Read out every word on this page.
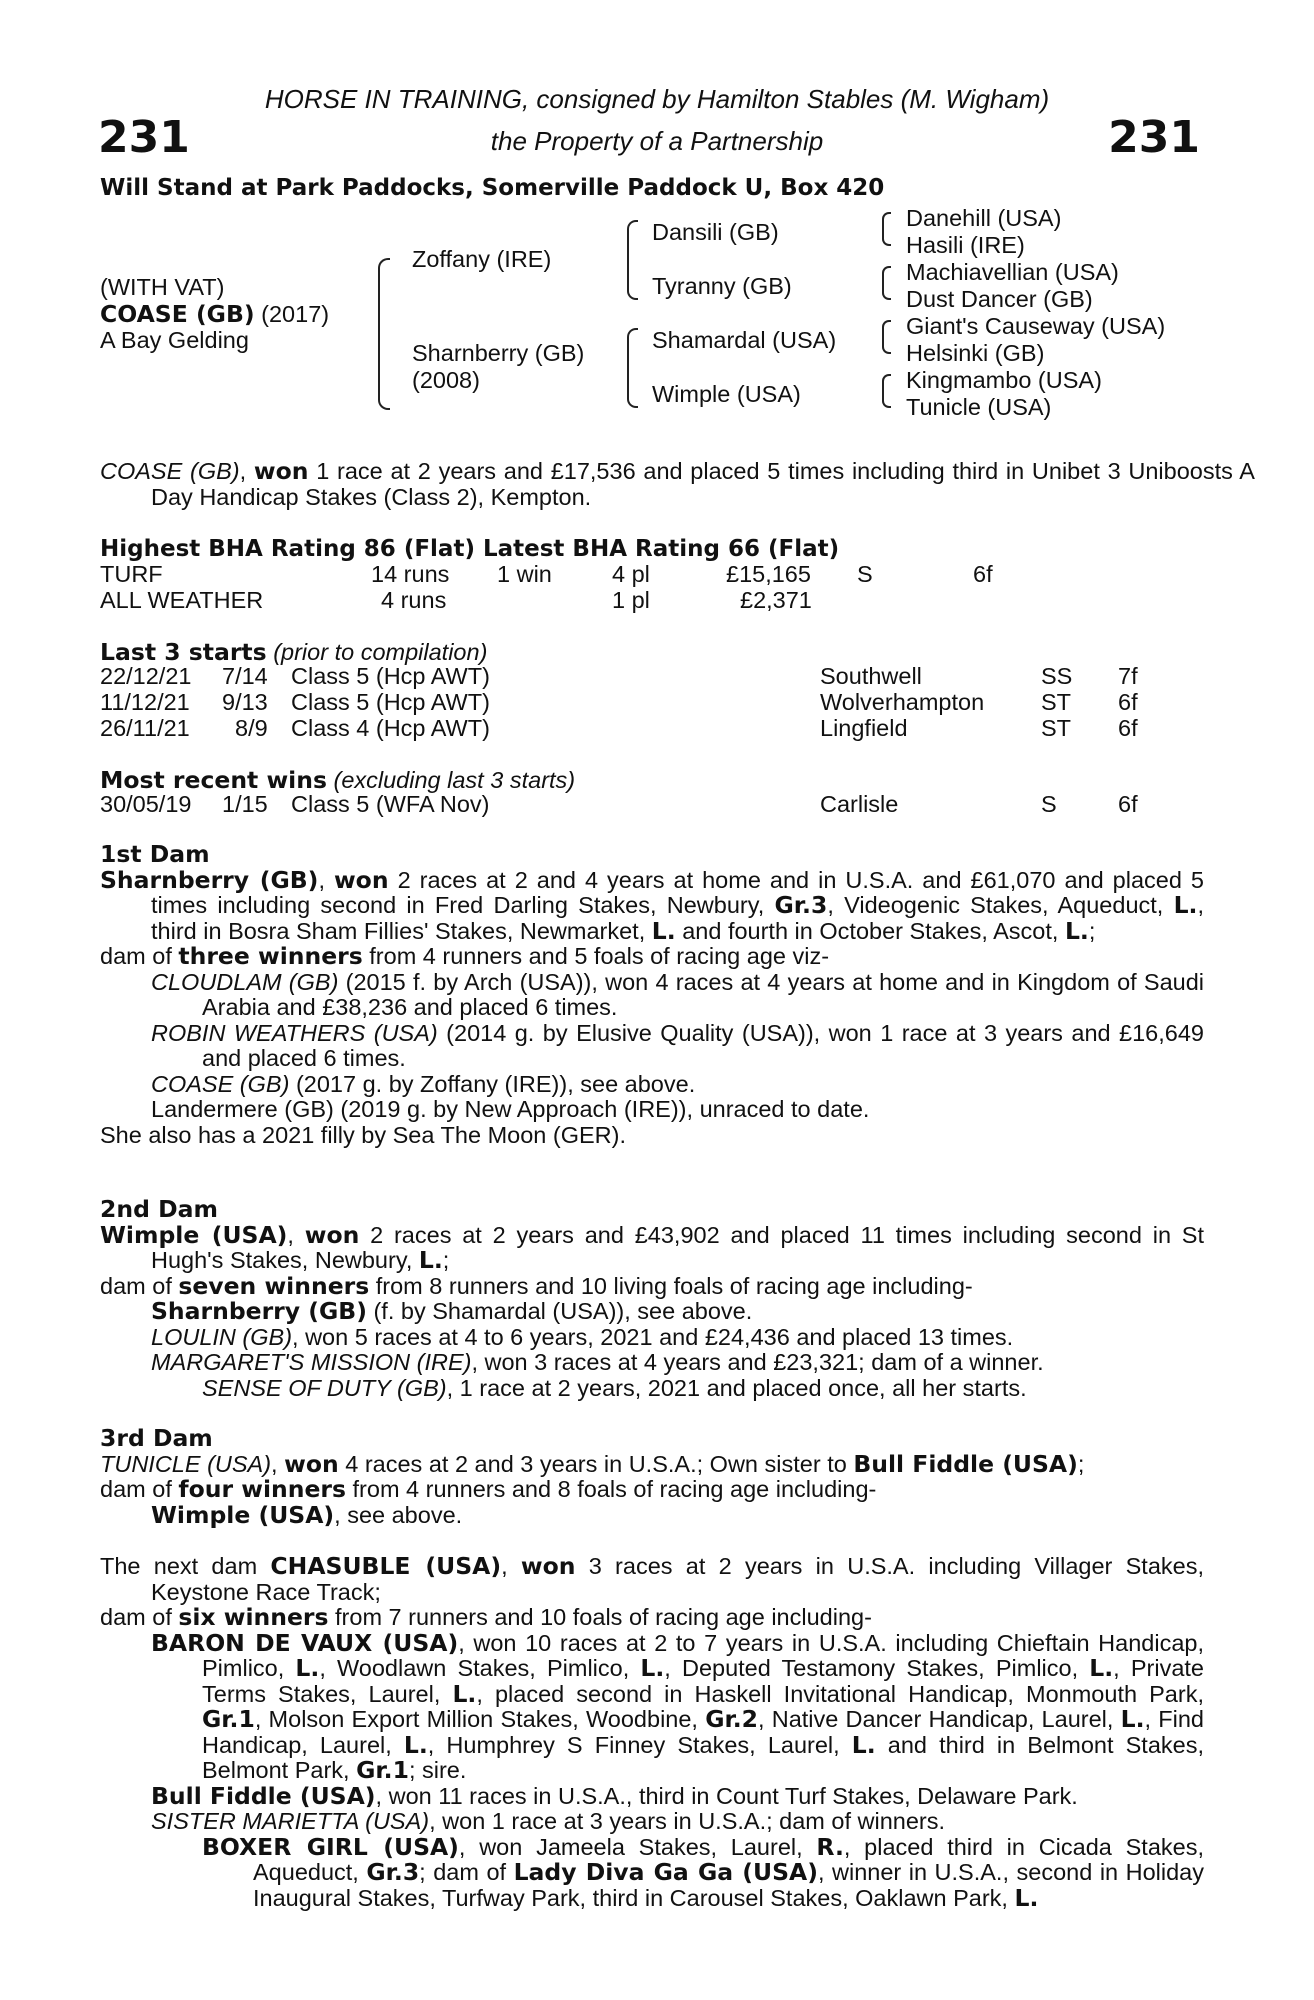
231	231
HORSE IN TRAINING, consigned by Hamilton Stables (M. Wigham)
the Property of a Partnership
Will Stand at Park Paddocks, Somerville Paddock U, Box 420
(WITH VAT)
COASE (GB) (2017)
A Bay Gelding
Zoffany (IRE)
Sharnberry (GB)
(2008)
Dansili (GB)
Tyranny (GB)
Shamardal (USA)
Wimple (USA)
Danehill (USA)
Hasili (IRE)
Machiavellian (USA)
Dust Dancer (GB)
Giant's Causeway (USA)
Helsinki (GB)
Kingmambo (USA)
Tunicle (USA)
COASE (GB), won 1 race at 2 years and £17,536 and placed 5 times including third in Unibet 3 Uniboosts A Day Handicap Stakes (Class 2), Kempton.
Highest BHA Rating 86 (Flat) Latest BHA Rating 66 (Flat)
TURF	14 runs 1 win	4 pl	£15,165 S	6f
ALL WEATHER	4 runs	1 pl	£2,371
Last 3 starts (prior to compilation)
22/12/21 7/14 Class 5 (Hcp AWT)	Southwell	SS 7f
11/12/21 9/13 Class 5 (Hcp AWT)	Wolverhampton ST 6f
26/11/21 8/9 Class 4 (Hcp AWT)	Lingfield	ST 6f
Most recent wins (excluding last 3 starts)
30/05/19 1/15 Class 5 (WFA Nov)	Carlisle	S	6f
1st Dam
Sharnberry (GB), won 2 races at 2 and 4 years at home and in U.S.A. and £61,070 and placed 5 times including second in Fred Darling Stakes, Newbury, Gr.3, Videogenic Stakes, Aqueduct, L., third in Bosra Sham Fillies' Stakes, Newmarket, L. and fourth in October Stakes, Ascot, L.;
dam of three winners from 4 runners and 5 foals of racing age viz-
CLOUDLAM (GB) (2015 f. by Arch (USA)), won 4 races at 4 years at home and in Kingdom of Saudi Arabia and £38,236 and placed 6 times.
ROBIN WEATHERS (USA) (2014 g. by Elusive Quality (USA)), won 1 race at 3 years and £16,649 and placed 6 times.
COASE (GB) (2017 g. by Zoffany (IRE)), see above.
Landermere (GB) (2019 g. by New Approach (IRE)), unraced to date.
She also has a 2021 filly by Sea The Moon (GER).
2nd Dam
Wimple (USA), won 2 races at 2 years and £43,902 and placed 11 times including second in St Hugh's Stakes, Newbury, L.;
dam of seven winners from 8 runners and 10 living foals of racing age including-
Sharnberry (GB) (f. by Shamardal (USA)), see above.
LOULIN (GB), won 5 races at 4 to 6 years, 2021 and £24,436 and placed 13 times.
MARGARET'S MISSION (IRE), won 3 races at 4 years and £23,321; dam of a winner.
SENSE OF DUTY (GB), 1 race at 2 years, 2021 and placed once, all her starts.
3rd Dam
TUNICLE (USA), won 4 races at 2 and 3 years in U.S.A.; Own sister to Bull Fiddle (USA);
dam of four winners from 4 runners and 8 foals of racing age including-
Wimple (USA), see above.
The next dam CHASUBLE (USA), won 3 races at 2 years in U.S.A. including Villager Stakes, Keystone Race Track;
dam of six winners from 7 runners and 10 foals of racing age including-
BARON DE VAUX (USA), won 10 races at 2 to 7 years in U.S.A. including Chieftain Handicap, Pimlico, L., Woodlawn Stakes, Pimlico, L., Deputed Testamony Stakes, Pimlico, L., Private Terms Stakes, Laurel, L., placed second in Haskell Invitational Handicap, Monmouth Park, Gr.1, Molson Export Million Stakes, Woodbine, Gr.2, Native Dancer Handicap, Laurel, L., Find Handicap, Laurel, L., Humphrey S Finney Stakes, Laurel, L. and third in Belmont Stakes, Belmont Park, Gr.1; sire.
Bull Fiddle (USA), won 11 races in U.S.A., third in Count Turf Stakes, Delaware Park.
SISTER MARIETTA (USA), won 1 race at 3 years in U.S.A.; dam of winners.
BOXER GIRL (USA), won Jameela Stakes, Laurel, R., placed third in Cicada Stakes, Aqueduct, Gr.3; dam of Lady Diva Ga Ga (USA), winner in U.S.A., second in Holiday Inaugural Stakes, Turfway Park, third in Carousel Stakes, Oaklawn Park, L.
